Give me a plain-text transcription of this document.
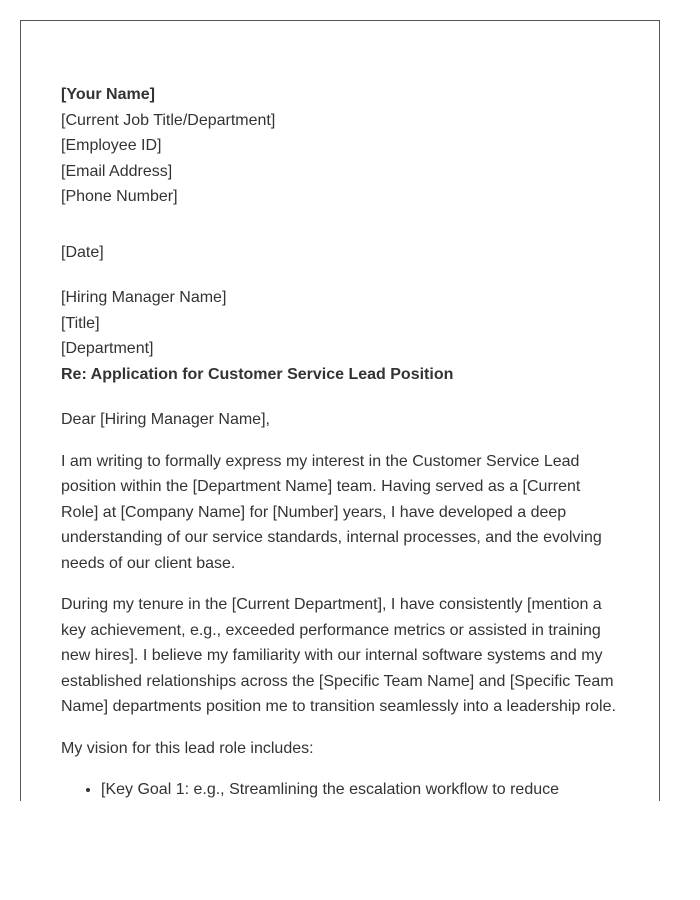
[Your Name]
[Current Job Title/Department]
[Employee ID]
[Email Address]
[Phone Number]
[Date]
[Hiring Manager Name]
[Title]
[Department]
Re: Application for Customer Service Lead Position
Dear [Hiring Manager Name],

I am writing to formally express my interest in the Customer Service Lead position within the [Department Name] team. Having served as a [Current Role] at [Company Name] for [Number] years, I have developed a deep understanding of our service standards, internal processes, and the evolving needs of our client base.

During my tenure in the [Current Department], I have consistently [mention a key achievement, e.g., exceeded performance metrics or assisted in training new hires]. I believe my familiarity with our internal software systems and my established relationships across the [Specific Team Name] and [Specific Team Name] departments position me to transition seamlessly into a leadership role.

My vision for this lead role includes:

• [Key Goal 1: e.g., Streamlining the escalation workflow to reduce
